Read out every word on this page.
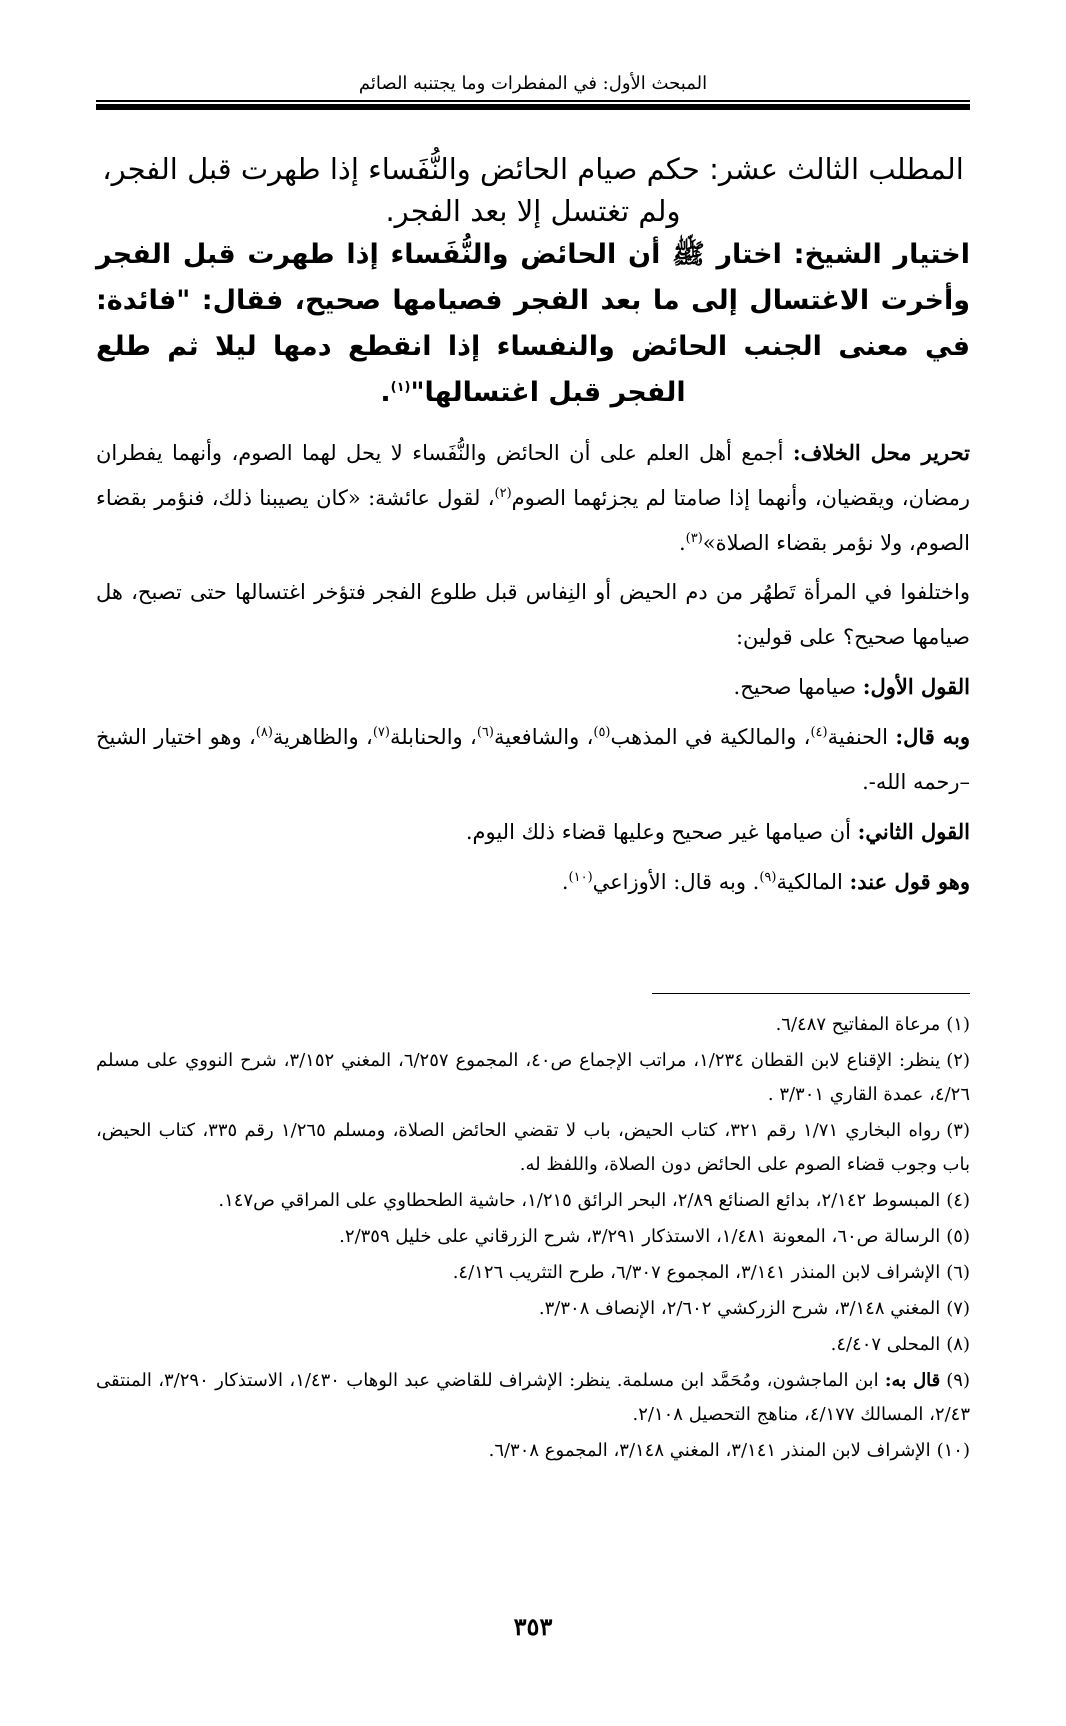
المبحث الأول: في المفطرات وما يجتنبه الصائم

المطلب الثالث عشر: حكم صيام الحائض والنُّفَساء إذا طهرت قبل الفجر، ولم تغتسل إلا بعد الفجر.

اختيار الشيخ: اختار ﷺ أن الحائض والنُّفَساء إذا طهرت قبل الفجر وأخرت الاغتسال إلى ما بعد الفجر فصيامها صحيح، فقال: "فائدة: في معنى الجنب الحائض والنفساء إذا انقطع دمها ليلا ثم طلع الفجر قبل اغتسالها"$^{(١)}$.

تحرير محل الخلاف: أجمع أهل العلم على أن الحائض والنُّفَساء لا يحل لهما الصوم، وأنهما يفطران رمضان، ويقضيان، وأنهما إذا صامتا لم يجزئهما الصوم$^{(٢)}$، لقول عائشة: «كان يصيبنا ذلك، فنؤمر بقضاء الصوم، ولا نؤمر بقضاء الصلاة»$^{(٣)}$.

واختلفوا في المرأة تَطهُر من دم الحيض أو النِفاس قبل طلوع الفجر فتؤخر اغتسالها حتى تصبح، هل صيامها صحيح؟ على قولين:

القول الأول: صيامها صحيح.

وبه قال: الحنفية$^{(٤)}$، والمالكية في المذهب$^{(٥)}$، والشافعية$^{(٦)}$، والحنابلة$^{(٧)}$، والظاهرية$^{(٨)}$، وهو اختيار الشيخ –رحمه الله-.

القول الثاني: أن صيامها غير صحيح وعليها قضاء ذلك اليوم.

وهو قول عند: المالكية$^{(٩)}$. وبه قال: الأوزاعي$^{(١٠)}$.

(١)مرعاة المفاتيح ٦/٤٨٧.

(٢)ينظر: الإقناع لابن القطان ١/٢٣٤، مراتب الإجماع ص٤٠، المجموع ٦/٢٥٧، المغني ٣/١٥٢، شرح النووي على مسلم ٤/٢٦، عمدة القاري ٣/٣٠١ .

(٣)رواه البخاري ١/٧١ رقم ٣٢١، كتاب الحيض، باب لا تقضي الحائض الصلاة، ومسلم ١/٢٦٥ رقم ٣٣٥، كتاب الحيض، باب وجوب قضاء الصوم على الحائض دون الصلاة، واللفظ له.

(٤)المبسوط ٢/١٤٢، بدائع الصنائع ٢/٨٩، البحر الرائق ١/٢١٥، حاشية الطحطاوي على المراقي ص١٤٧.

(٥)الرسالة ص٦٠، المعونة ١/٤٨١، الاستذكار ٣/٢٩١، شرح الزرقاني على خليل ٢/٣٥٩.

(٦)الإشراف لابن المنذر ٣/١٤١، المجموع ٦/٣٠٧، طرح التثريب ٤/١٢٦.

(٧)المغني ٣/١٤٨، شرح الزركشي ٢/٦٠٢، الإنصاف ٣/٣٠٨.

(٨)المحلى ٤/٤٠٧.

(٩)قال به: ابن الماجشون، ومُحَمَّد ابن مسلمة. ينظر: الإشراف للقاضي عبد الوهاب ١/٤٣٠، الاستذكار ٣/٢٩٠، المنتقى ٢/٤٣، المسالك ٤/١٧٧، مناهج التحصيل ٢/١٠٨.

(١٠)الإشراف لابن المنذر ٣/١٤١، المغني ٣/١٤٨، المجموع ٦/٣٠٨.

٣٥٣
